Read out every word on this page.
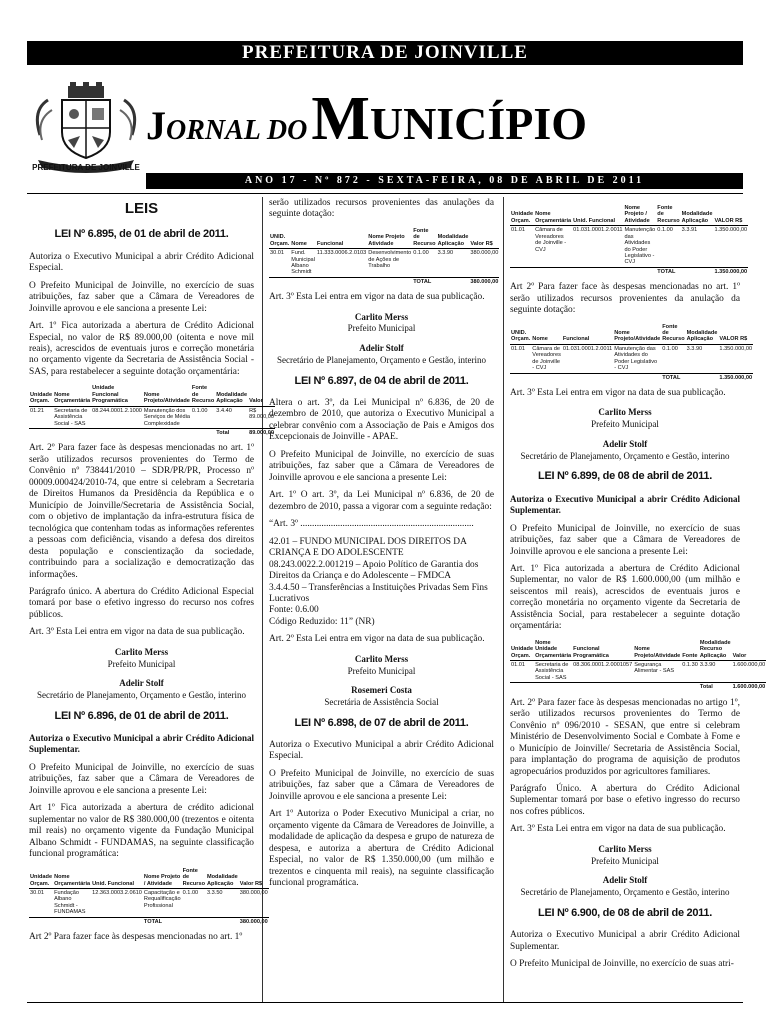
PREFEITURA DE JOINVILLE
PREFEITURA DE JOINVILLE
JORNAL DO MUNICÍPIO
ANO 17 - Nº 872 - SEXTA-FEIRA, 08 DE ABRIL DE 2011
LEIS
LEI Nº 6.895, de 01 de abril de 2011.

Autoriza o Executivo Municipal a abrir Crédito Adicional Especial.

O Prefeito Municipal de Joinville, no exercício de suas atribuições, faz saber que a Câmara de Vereadores de Joinville aprovou e ele sanciona a presente Lei:

Art. 1º Fica autorizada a abertura de Crédito Adicional Especial, no valor de R$ 89.000,00 (oitenta e nove mil reais), acrescidos de eventuais juros e correção monetária no orçamento vigente da Secretaria de Assistência Social - SAS, para restabelecer a seguinte dotação orçamentária:

Unidade Orçam.	Nome Orçamentária	Unidade Funcional Programática	Nome Projeto/Atividade	Fonte de Recurso	Modalidade Aplicação	Valor
01.21	Secretaria de Assistência Social - SAS	08.244.0001.2.1000	Manutenção dos Serviços de Média Complexidade	0.1.00	3.4.40	R$ 89.000,00
					Total	89.000,00

Art. 2º Para fazer face às despesas mencionadas no art. 1º serão utilizados recursos provenientes do Termo de Convênio nº 738441/2010 – SDR/PR/PR, Processo nº 00009.000424/2010-74, que entre si celebram a Secretaria de Direitos Humanos da Presidência da República e o Município de Joinville/Secretaria de Assistência Social, com o objetivo de implantação da infra-estrutura física de tecnológica que contenham todas as informações referentes a pessoas com deficiência, visando a defesa dos direitos desta população e conscientização da sociedade, contribuindo para a socialização e democratização das informações.

Parágrafo único. A abertura do Crédito Adicional Especial tomará por base o efetivo ingresso do recurso nos cofres públicos.

Art. 3º Esta Lei entra em vigor na data de sua publicação.

Carlito Merss
Prefeito Municipal
Adelir Stolf
Secretário de Planejamento, Orçamento e Gestão, interino
LEI Nº 6.896, de 01 de abril de 2011.
Autoriza o Executivo Municipal a abrir Crédito Adicional Suplementar.

O Prefeito Municipal de Joinville, no exercício de suas atribuições, faz saber que a Câmara de Vereadores de Joinville aprovou e ele sanciona a presente Lei:

Art 1º Fica autorizada a abertura de crédito adicional suplementar no valor de R$ 380.000,00 (trezentos e oitenta mil reais) no orçamento vigente da Fundação Municipal Albano Schmidt - FUNDAMAS, na seguinte classificação funcional programática:

Unidade Orçam.	Nome Orçamentária	Unid. Funcional	Nome Projeto / Atividade	Fonte de Recurso	Modalidade Aplicação	Valor R$
30.01	Fundação Albano Schmidt - FUNDAMAS	12.363.0003.2.0610	Capacitação e Requalificação Profissional	0.1.00	3.3.50	380.000,00
			TOTAL			380.000,00

Art 2º Para fazer face às despesas mencionadas no art. 1º

serão utilizados recursos provenientes das anulações da seguinte dotação:

UNID. Orçam.	Nome	Funcional	Nome Projeto Atividade	Fonte de Recurso	Modalidade Aplicação	Valor R$
30.01	Fund. Municipal Albano Schmidt	11.333.0006.2.0103	Desenvolvimento de Ações de Trabalho	0.1.00	3.3.90	380.000,00
				TOTAL		380.000,00

Art. 3º Esta Lei entra em vigor na data de sua publicação.

Carlito Merss
Prefeito Municipal
Adelir Stolf
Secretário de Planejamento, Orçamento e Gestão, interino
LEI Nº 6.897, de 04 de abril de 2011.

Altera o art. 3º, da Lei Municipal nº 6.836, de 20 de dezembro de 2010, que autoriza o Executivo Municipal a celebrar convênio com a Associação de Pais e Amigos dos Excepcionais de Joinville - APAE.

O Prefeito Municipal de Joinville, no exercício de suas atribuições, faz saber que a Câmara de Vereadores de Joinville aprovou e ele sanciona a presente Lei:

Art. 1º O art. 3º, da Lei Municipal nº 6.836, de 20 de dezembro de 2010, passa a vigorar com a seguinte redação:

“Art. 3º ..........................................................................

42.01 – FUNDO MUNICIPAL DOS DIREITOS DA CRIANÇA E DO ADOLESCENTE
08.243.0022.2.001219 – Apoio Político de Garantia dos Direitos da Criança e do Adolescente – FMDCA
3.4.4.50 – Transferências a Instituições Privadas Sem Fins Lucrativos
Fonte: 0.6.00
Código Reduzido: 11” (NR)

Art. 2º Esta Lei entra em vigor na data de sua publicação.

Carlito Merss
Prefeito Municipal
Rosemeri Costa
Secretária de Assistência Social
LEI Nº 6.898, de 07 de abril de 2011.

Autoriza o Executivo Municipal a abrir Crédito Adicional Especial.

O Prefeito Municipal de Joinville, no exercício de suas atribuições, faz saber que a Câmara de Vereadores de Joinville aprovou e ele sanciona a presente Lei:

Art 1º Autoriza o Poder Executivo Municipal a criar, no orçamento vigente da Câmara de Vereadores de Joinville, a modalidade de aplicação da despesa e grupo de natureza de despesa, e autoriza a abertura de Crédito Adicional Especial, no valor de R$ 1.350.000,00 (um milhão e trezentos e cinquenta mil reais), na seguinte classificação funcional programática.

Unidade Orçam.	Nome Orçamentária	Unid. Funcional	Nome Projeto / Atividade	Fonte de Recurso	Modalidade Aplicação	VALOR R$
01.01	Câmara de Vereadores de Joinville - CVJ	01.031.0001.2.0011	Manutenção das Atividades do Poder Legislativo - CVJ	0.1.00	3.3.91	1.350.000,00
				TOTAL		1.350.000,00

Art 2º Para fazer face às despesas mencionadas no art. 1º serão utilizados recursos provenientes da anulação da seguinte dotação:

UNID. Orçam.	Nome	Funcional	Nome Projeto/Atividade	Fonte de Recurso	Modalidade Aplicação	VALOR R$
01.01	Câmara de Vereadores de Joinville - CVJ	01.031.0001.2.0011	Manutenção das Atividades do Poder Legislativo - CVJ	0.1.00	3.3.90	1.350.000,00
				TOTAL		1.350.000,00

Art. 3º Esta Lei entra em vigor na data de sua publicação.

Carlito Merss
Prefeito Municipal
Adelir Stolf
Secretário de Planejamento, Orçamento e Gestão, interino
LEI Nº 6.899, de 08 de abril de 2011.
Autoriza o Executivo Municipal a abrir Crédito Adicional Suplementar.

O Prefeito Municipal de Joinville, no exercício de suas atribuições, faz saber que a Câmara de Vereadores de Joinville aprovou e ele sanciona a presente Lei:

Art. 1º Fica autorizada a abertura de Crédito Adicional Suplementar, no valor de R$ 1.600.000,00 (um milhão e seiscentos mil reais), acrescidos de eventuais juros e correção monetária no orçamento vigente da Secretaria de Assistência Social, para restabelecer a seguinte dotação orçamentária:

Unidade Orçam.	Nome Unidade Orçamentária	Funcional Programática	Nome Projeto/Atividade	Fonte	Modalidade Recurso Aplicação	Valor
01.01	Secretaria de Assistência Social - SAS	08.306.0001.2.0001057	Segurança Alimentar - SAS	0.1.30	3.3.90	1.600.000,00
					Total	1.600.000,00

Art. 2º Para fazer face às despesas mencionadas no artigo 1º, serão utilizados recursos provenientes do Termo de Convênio nº 096/2010 - SESAN, que entre si celebram Ministério de Desenvolvimento Social e Combate à Fome e o Município de Joinville/ Secretaria de Assistência Social, para implantação do programa de aquisição de produtos agropecuários produzidos por agricultores familiares.

Parágrafo Único. A abertura do Crédito Adicional Suplementar tomará por base o efetivo ingresso do recurso nos cofres públicos.

Art. 3º Esta Lei entra em vigor na data de sua publicação.

Carlito Merss
Prefeito Municipal
Adelir Stolf
Secretário de Planejamento, Orçamento e Gestão, interino
LEI Nº 6.900, de 08 de abril de 2011.

Autoriza o Executivo Municipal a abrir Crédito Adicional Suplementar.

O Prefeito Municipal de Joinville, no exercício de suas atri-
